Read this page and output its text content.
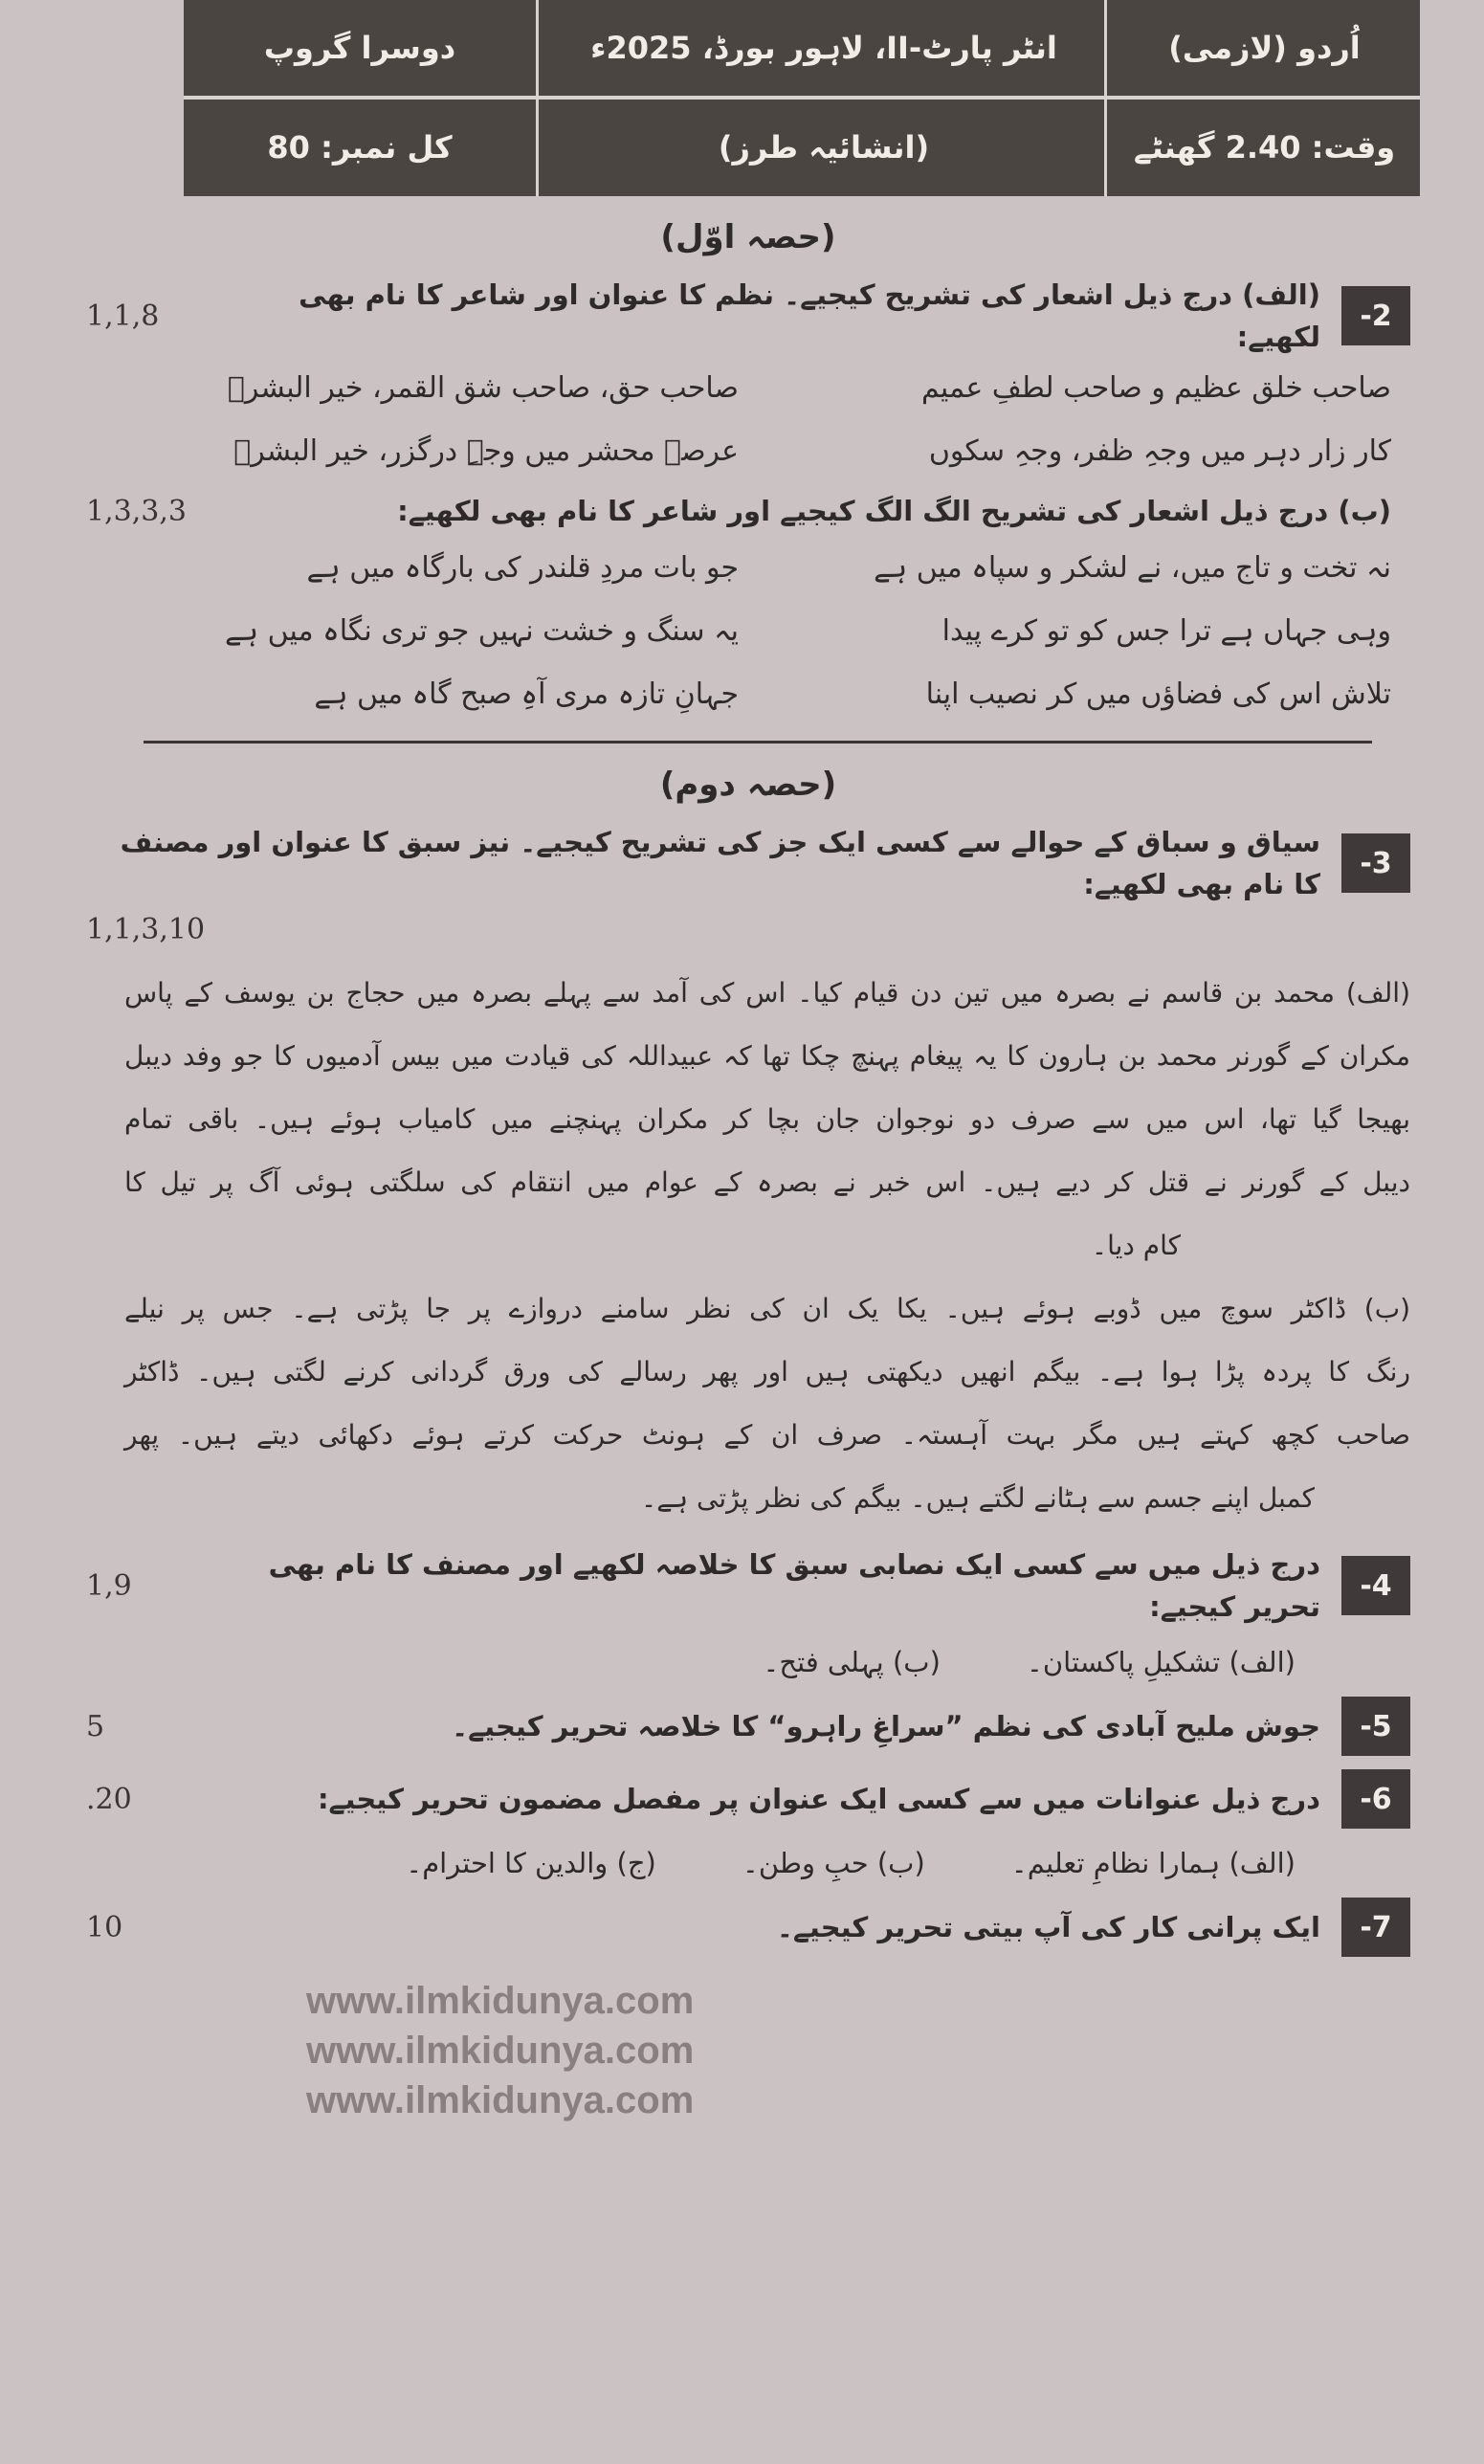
اُردو (لازمی)
انٹر پارٹ-II، لاہور بورڈ، 2025ء
دوسرا گروپ
وقت: 2.40 گھنٹے
(انشائیہ طرز)
کل نمبر: 80
(حصہ اوّل)
-2
(الف) درج ذیل اشعار کی تشریح کیجیے۔ نظم کا عنوان اور شاعر کا نام بھی لکھیے:
1,1,8
صاحب خلق عظیم و صاحب لطفِ عمیم
صاحب حق، صاحب شق القمر، خیر البشرؐ
کار زار دہر میں وجہِ ظفر، وجہِ سکوں
عرصہ محشر میں وجہِ درگزر، خیر البشرؐ
(ب) درج ذیل اشعار کی تشریح الگ الگ کیجیے اور شاعر کا نام بھی لکھیے:
1,3,3,3
نہ تخت و تاج میں، نے لشکر و سپاہ میں ہے
جو بات مردِ قلندر کی بارگاہ میں ہے
وہی جہاں ہے ترا جس کو تو کرے پیدا
یہ سنگ و خشت نہیں جو تری نگاہ میں ہے
تلاش اس کی فضاؤں میں کر نصیب اپنا
جہانِ تازہ مری آہِ صبح گاہ میں ہے
(حصہ دوم)
-3
سیاق و سباق کے حوالے سے کسی ایک جز کی تشریح کیجیے۔ نیز سبق کا عنوان اور مصنف کا نام بھی لکھیے:
1,1,3,10
(الف) محمد بن قاسم نے بصرہ میں تین دن قیام کیا۔ اس کی آمد سے پہلے بصرہ میں حجاج بن یوسف کے پاس
مکران کے گورنر محمد بن ہارون کا یہ پیغام پہنچ چکا تھا کہ عبیداللہ کی قیادت میں بیس آدمیوں کا جو وفد دیبل
بھیجا گیا تھا، اس میں سے صرف دو نوجوان جان بچا کر مکران پہنچنے میں کامیاب ہوئے ہیں۔ باقی تمام
دیبل کے گورنر نے قتل کر دیے ہیں۔ اس خبر نے بصرہ کے عوام میں انتقام کی سلگتی ہوئی آگ پر تیل کا
کام دیا۔
(ب) ڈاکٹر سوچ میں ڈوبے ہوئے ہیں۔ یکا یک ان کی نظر سامنے دروازے پر جا پڑتی ہے۔ جس پر نیلے
رنگ کا پردہ پڑا ہوا ہے۔ بیگم انھیں دیکھتی ہیں اور پھر رسالے کی ورق گردانی کرنے لگتی ہیں۔ ڈاکٹر
صاحب کچھ کہتے ہیں مگر بہت آہستہ۔ صرف ان کے ہونٹ حرکت کرتے ہوئے دکھائی دیتے ہیں۔ پھر
کمبل اپنے جسم سے ہٹانے لگتے ہیں۔ بیگم کی نظر پڑتی ہے۔
-4
درج ذیل میں سے کسی ایک نصابی سبق کا خلاصہ لکھیے اور مصنف کا نام بھی تحریر کیجیے:
1,9
(الف) تشکیلِ پاکستان۔
(ب) پہلی فتح۔
-5
جوش ملیح آبادی کی نظم ”سراغِ راہرو“ کا خلاصہ تحریر کیجیے۔
5
-6
درج ذیل عنوانات میں سے کسی ایک عنوان پر مفصل مضمون تحریر کیجیے:
.20
(الف) ہمارا نظامِ تعلیم۔
(ب) حبِ وطن۔
(ج) والدین کا احترام۔
-7
ایک پرانی کار کی آپ بیتی تحریر کیجیے۔
10
www.ilmkidunya.com
www.ilmkidunya.com
www.ilmkidunya.com
